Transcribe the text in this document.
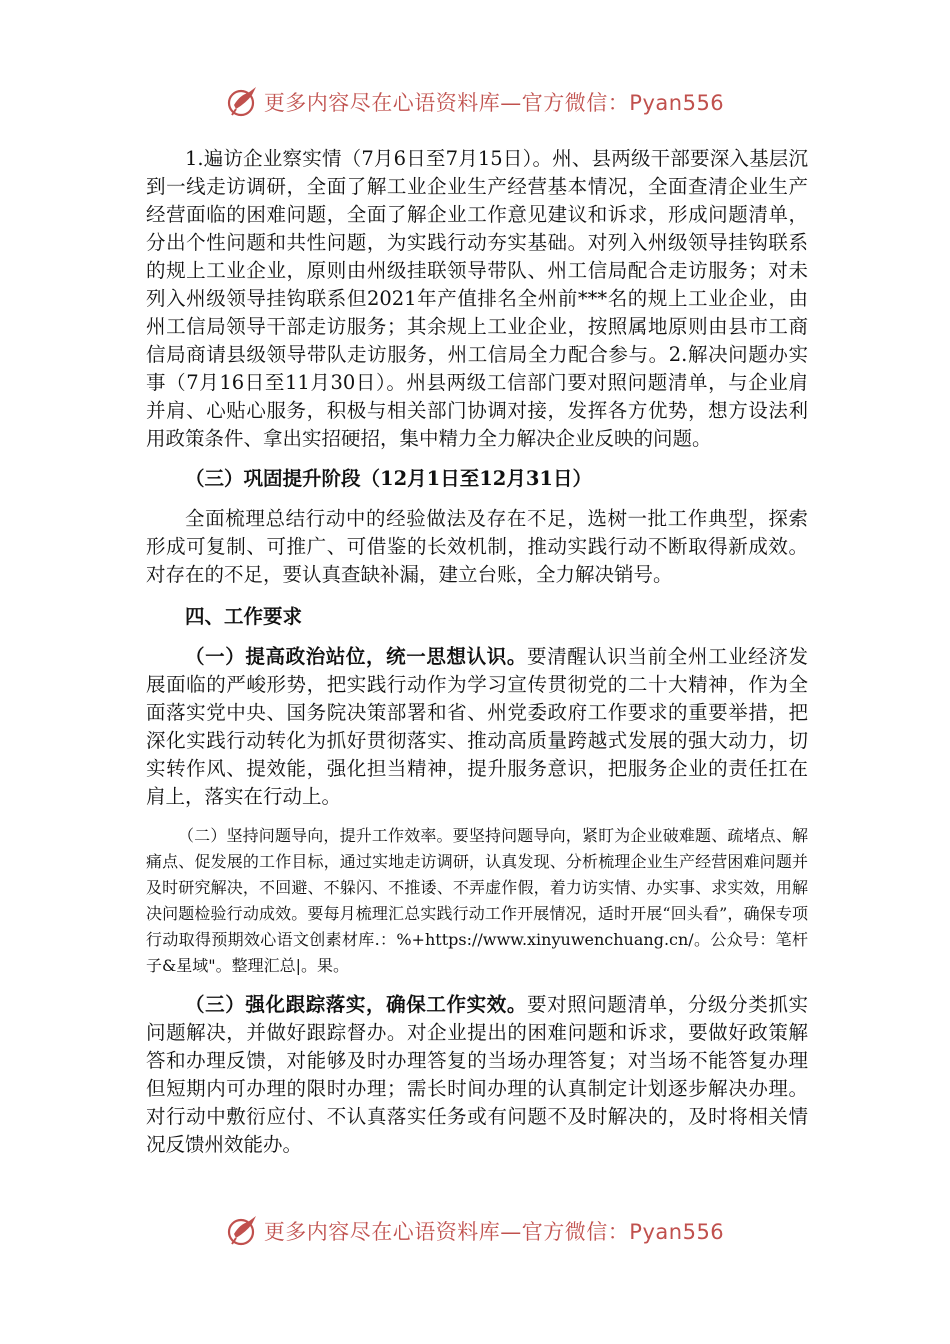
更多内容尽在心语资料库—官方微信：Pyan556

1.遍访企业察实情（7月6日至7月15日）。州、县两级干部要深入基层沉到一线走访调研，全面了解工业企业生产经营基本情况，全面查清企业生产经营面临的困难问题，全面了解企业工作意见建议和诉求，形成问题清单，分出个性问题和共性问题，为实践行动夯实基础。对列入州级领导挂钩联系的规上工业企业，原则由州级挂联领导带队、州工信局配合走访服务；对未列入州级领导挂钩联系但2021年产值排名全州前***名的规上工业企业，由州工信局领导干部走访服务；其余规上工业企业，按照属地原则由县市工商信局商请县级领导带队走访服务，州工信局全力配合参与。2.解决问题办实事（7月16日至11月30日）。州县两级工信部门要对照问题清单，与企业肩并肩、心贴心服务，积极与相关部门协调对接，发挥各方优势，想方设法利用政策条件、拿出实招硬招，集中精力全力解决企业反映的问题。

（三）巩固提升阶段（12月1日至12月31日）

全面梳理总结行动中的经验做法及存在不足，选树一批工作典型，探索形成可复制、可推广、可借鉴的长效机制，推动实践行动不断取得新成效。对存在的不足，要认真查缺补漏，建立台账，全力解决销号。

四、工作要求

（一）提高政治站位，统一思想认识。要清醒认识当前全州工业经济发展面临的严峻形势，把实践行动作为学习宣传贯彻党的二十大精神，作为全面落实党中央、国务院决策部署和省、州党委政府工作要求的重要举措，把深化实践行动转化为抓好贯彻落实、推动高质量跨越式发展的强大动力，切实转作风、提效能，强化担当精神，提升服务意识，把服务企业的责任扛在肩上，落实在行动上。

（二）坚持问题导向，提升工作效率。要坚持问题导向，紧盯为企业破难题、疏堵点、解痛点、促发展的工作目标，通过实地走访调研，认真发现、分析梳理企业生产经营困难问题并及时研究解决，不回避、不躲闪、不推诿、不弄虚作假，着力访实情、办实事、求实效，用解决问题检验行动成效。要每月梳理汇总实践行动工作开展情况，适时开展“回头看”，确保专项行动取得预期效心语文创素材库.：%+https://www.xinyuwenchuang.cn/。公众号：笔杆子&星域"。整理汇总|。果。

（三）强化跟踪落实，确保工作实效。要对照问题清单，分级分类抓实问题解决，并做好跟踪督办。对企业提出的困难问题和诉求，要做好政策解答和办理反馈，对能够及时办理答复的当场办理答复；对当场不能答复办理但短期内可办理的限时办理；需长时间办理的认真制定计划逐步解决办理。对行动中敷衍应付、不认真落实任务或有问题不及时解决的，及时将相关情况反馈州效能办。

更多内容尽在心语资料库—官方微信：Pyan556
